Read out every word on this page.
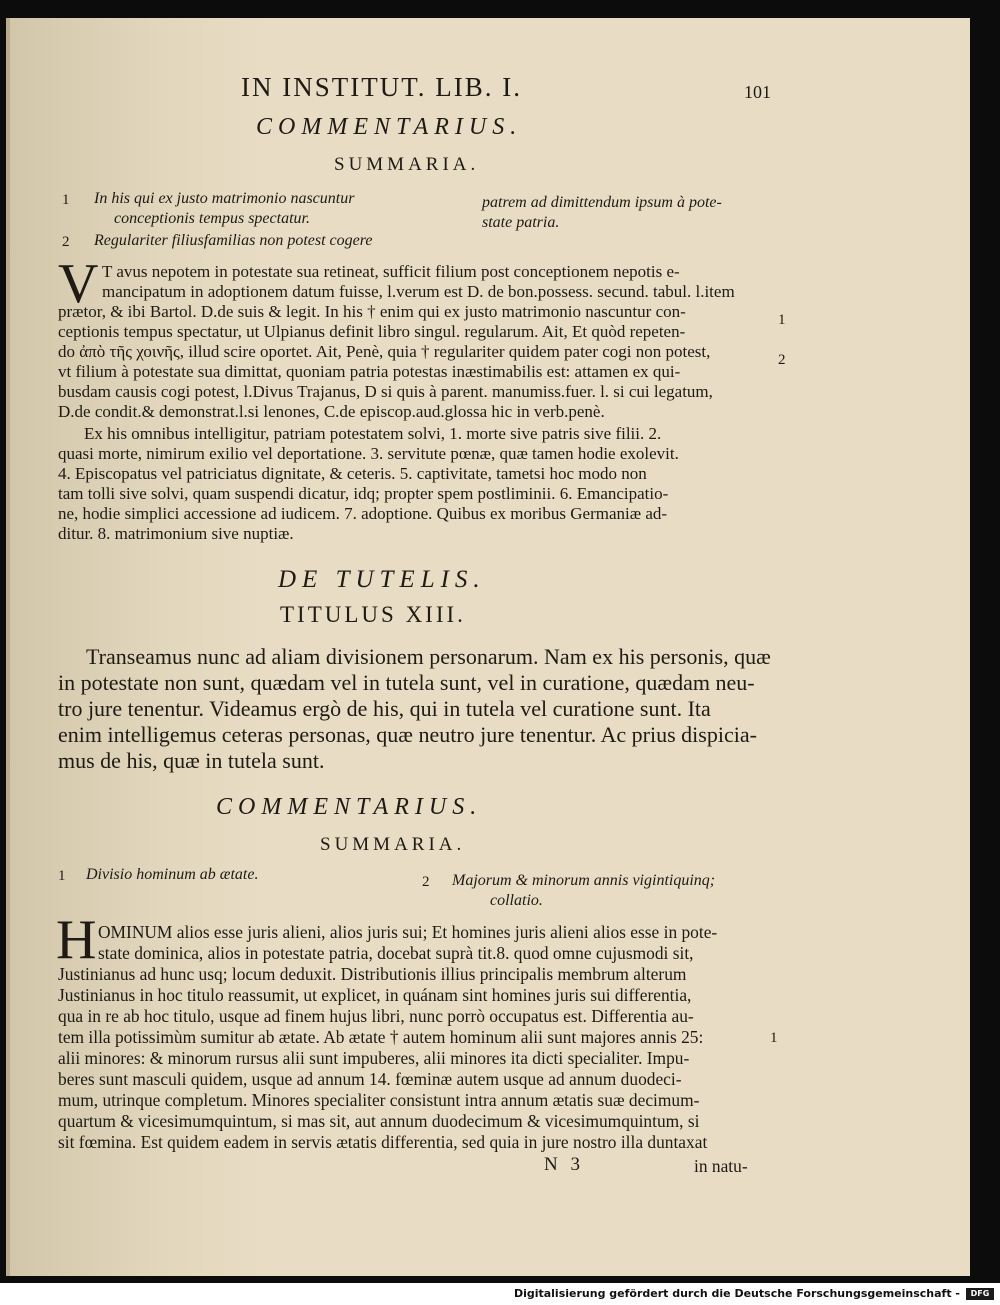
IN INSTITUT. LIB. I.	101
COMMENTARIUS.
SUMMARIA.
1 In his qui ex justo matrimonio nascuntur
conceptionis tempus spectatur.
2 Regulariter filiusfamilias non potest cogere
patrem ad dimittendum ipsum à pote-
state patria.
V T avus nepotem in potestate sua retineat, sufficit filium post conceptionem nepotis e-
mancipatum in adoptionem datum fuisse, l.verum est D. de bon.possess. secund. tabul. l.item
prætor, & ibi Bartol. D.de suis & legit. In his † enim qui ex justo matrimonio nascuntur con-
ceptionis tempus spectatur, ut Ulpianus definit libro singul. regularum. Ait, Et quòd repeten-
do ἀπὸ τῆς χοινῆς, illud scire oportet. Ait, Penè, quia † regulariter quidem pater cogi non potest,
vt filium à potestate sua dimittat, quoniam patria potestas inæstimabilis est: attamen ex qui-
busdam causis cogi potest, l.Divus Trajanus, D si quis à parent. manumiss.fuer. l. si cui legatum,
D.de condit.& demonstrat.l.si lenones, C.de episcop.aud.glossa hic in verb.penè.
Ex his omnibus intelligitur, patriam potestatem solvi, 1. morte sive patris sive filii. 2.
quasi morte, nimirum exilio vel deportatione. 3. servitute pœnæ, quæ tamen hodie exolevit.
4. Episcopatus vel patriciatus dignitate, & ceteris. 5. captivitate, tametsi hoc modo non
tam tolli sive solvi, quam suspendi dicatur, idq; propter spem postliminii. 6. Emancipatio-
ne, hodie simplici accessione ad iudicem. 7. adoptione. Quibus ex moribus Germaniæ ad-
ditur. 8. matrimonium sive nuptiæ.
1
2
DE TUTELIS.
TITULUS XIII.
Transeamus nunc ad aliam divisionem personarum. Nam ex his personis, quæ
in potestate non sunt, quædam vel in tutela sunt, vel in curatione, quædam neu-
tro jure tenentur. Videamus ergò de his, qui in tutela vel curatione sunt. Ita
enim intelligemus ceteras personas, quæ neutro jure tenentur. Ac prius dispicia-
mus de his, quæ in tutela sunt.
COMMENTARIUS.
SUMMARIA.
1 Divisio hominum ab ætate.	2 Majorum & minorum annis vigintiquinq;
collatio.
H OMINUM alios esse juris alieni, alios juris sui; Et homines juris alieni alios esse in pote-
state dominica, alios in potestate patria, docebat suprà tit.8. quod omne cujusmodi sit,
Justinianus ad hunc usq; locum deduxit. Distributionis illius principalis membrum alterum
Justinianus in hoc titulo reassumit, ut explicet, in quánam sint homines juris sui differentia,
qua in re ab hoc titulo, usque ad finem hujus libri, nunc porrò occupatus est. Differentia au-
tem illa potissimùm sumitur ab ætate. Ab ætate † autem hominum alii sunt majores annis 25:
alii minores: & minorum rursus alii sunt impuberes, alii minores ita dicti specialiter. Impu-
beres sunt masculi quidem, usque ad annum 14. fœminæ autem usque ad annum duodeci-
mum, utrinque completum. Minores specialiter consistunt intra annum ætatis suæ decimum-
quartum & vicesimumquintum, si mas sit, aut annum duodecimum & vicesimumquintum, si
sit fœmina. Est quidem eadem in servis ætatis differentia, sed quia in jure nostro illa duntaxat
1
N 3	in natu-
Digitalisierung gefördert durch die Deutsche Forschungsgemeinschaft -	DFG
